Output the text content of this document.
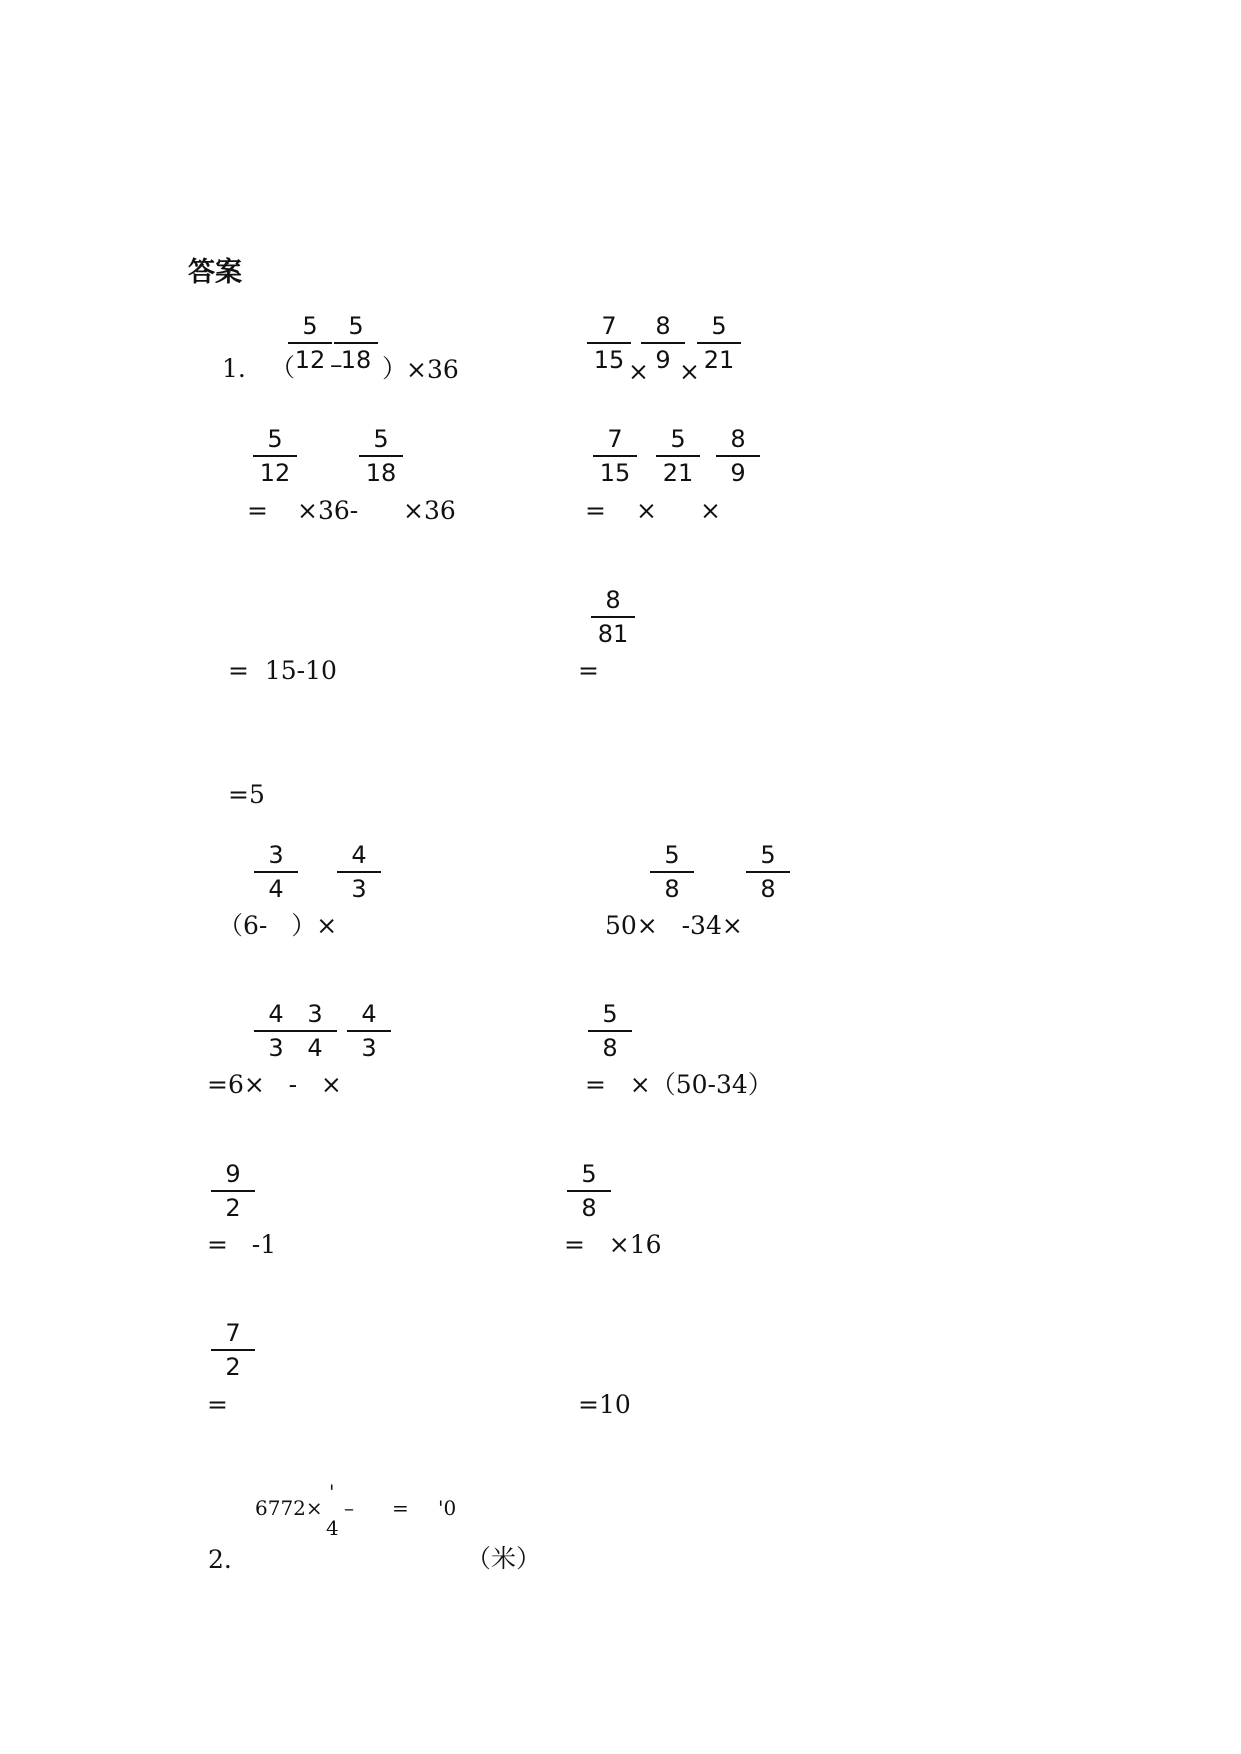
答案
1. （
5
12 –
5
18 ）
×36
5
12
5
18
= ×36- ×36
=  15-10
=5
7
15 ×
8
9 ×
5
21
7
15
5
21
8
9
= × ×
8
81
=
3
4
4
3
（6-   ）×
4
3
3
4
4
3
=6×   -   ×
9
2
=   -1
7
2
=
5
8
5
8
50×   -34×
5
8
=   ×（50-34）
5
8
=   ×16
=10
6772×
'
4
– = '0
2.	（米）
